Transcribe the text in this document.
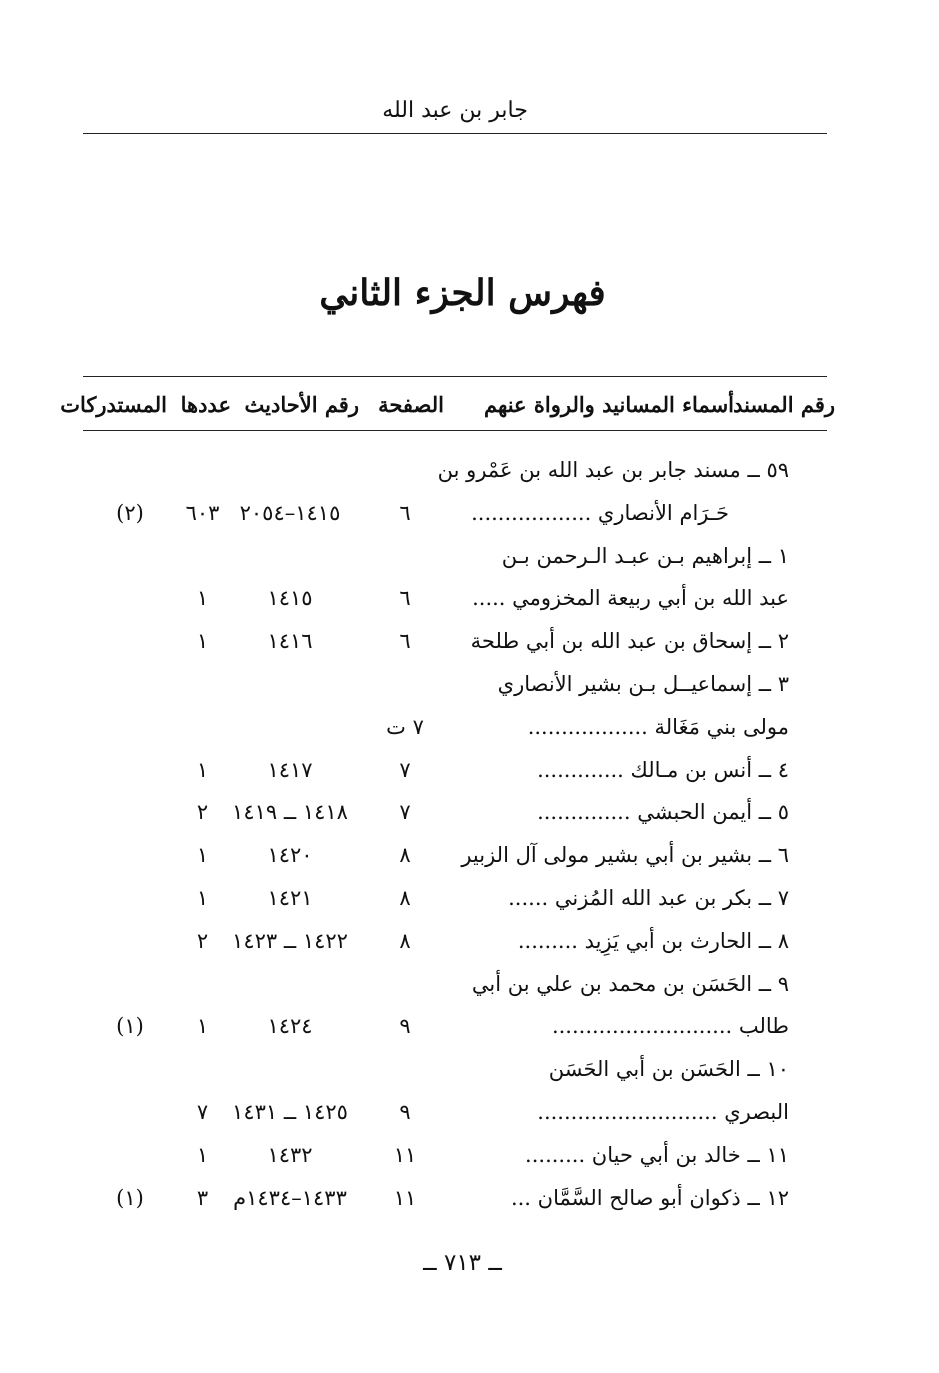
جابر بن عبد الله
فهرس الجزء الثاني
رقم المسند
أسماء المسانيد والرواة عنهم
الصفحة
رقم الأحاديث
عددها
المستدركات
٥٩ ــ مسند جابر بن عبد الله بن عَمْرو بن
حَـرَام الأنصاري ..................
٦
١٤١٥–٢٠٥٤
٦٠٣
(٢)
١ ــ إبراهيم بـن عبـد الـرحمن بـن
عبد الله بن أبي ربيعة المخزومي .....
٦
١٤١٥
١
٢ ــ إسحاق بن عبد الله بن أبي طلحة
٦
١٤١٦
١
٣ ــ إسماعيــل بـن بشير الأنصاري
مولى بني مَغَالة ..................
٧ ت
٤ ــ أنس بن مـالك .............
٧
١٤١٧
١
٥ ــ أيمن الحبشي ..............
٧
١٤١٨ ــ ١٤١٩
٢
٦ ــ بشير بن أبي بشير مولى آل الزبير
٨
١٤٢٠
١
٧ ــ بكر بن عبد الله المُزني ......
٨
١٤٢١
١
٨ ــ الحارث بن أبي يَزِيد .........
٨
١٤٢٢ ــ ١٤٢٣
٢
٩ ــ الحَسَن بن محمد بن علي بن أبي
طالب ...........................
٩
١٤٢٤
١
(١)
١٠ ــ الحَسَن بن أبي الحَسَن
البصري ...........................
٩
١٤٢٥ ــ ١٤٣١
٧
١١ ــ خالد بن أبي حيان .........
١١
١٤٣٢
١
١٢ ــ ذكوان أبو صالح السَّمَّان ...
١١
١٤٣٣–١٤٣٤م
٣
(١)
ــ ٧١٣ ــ
